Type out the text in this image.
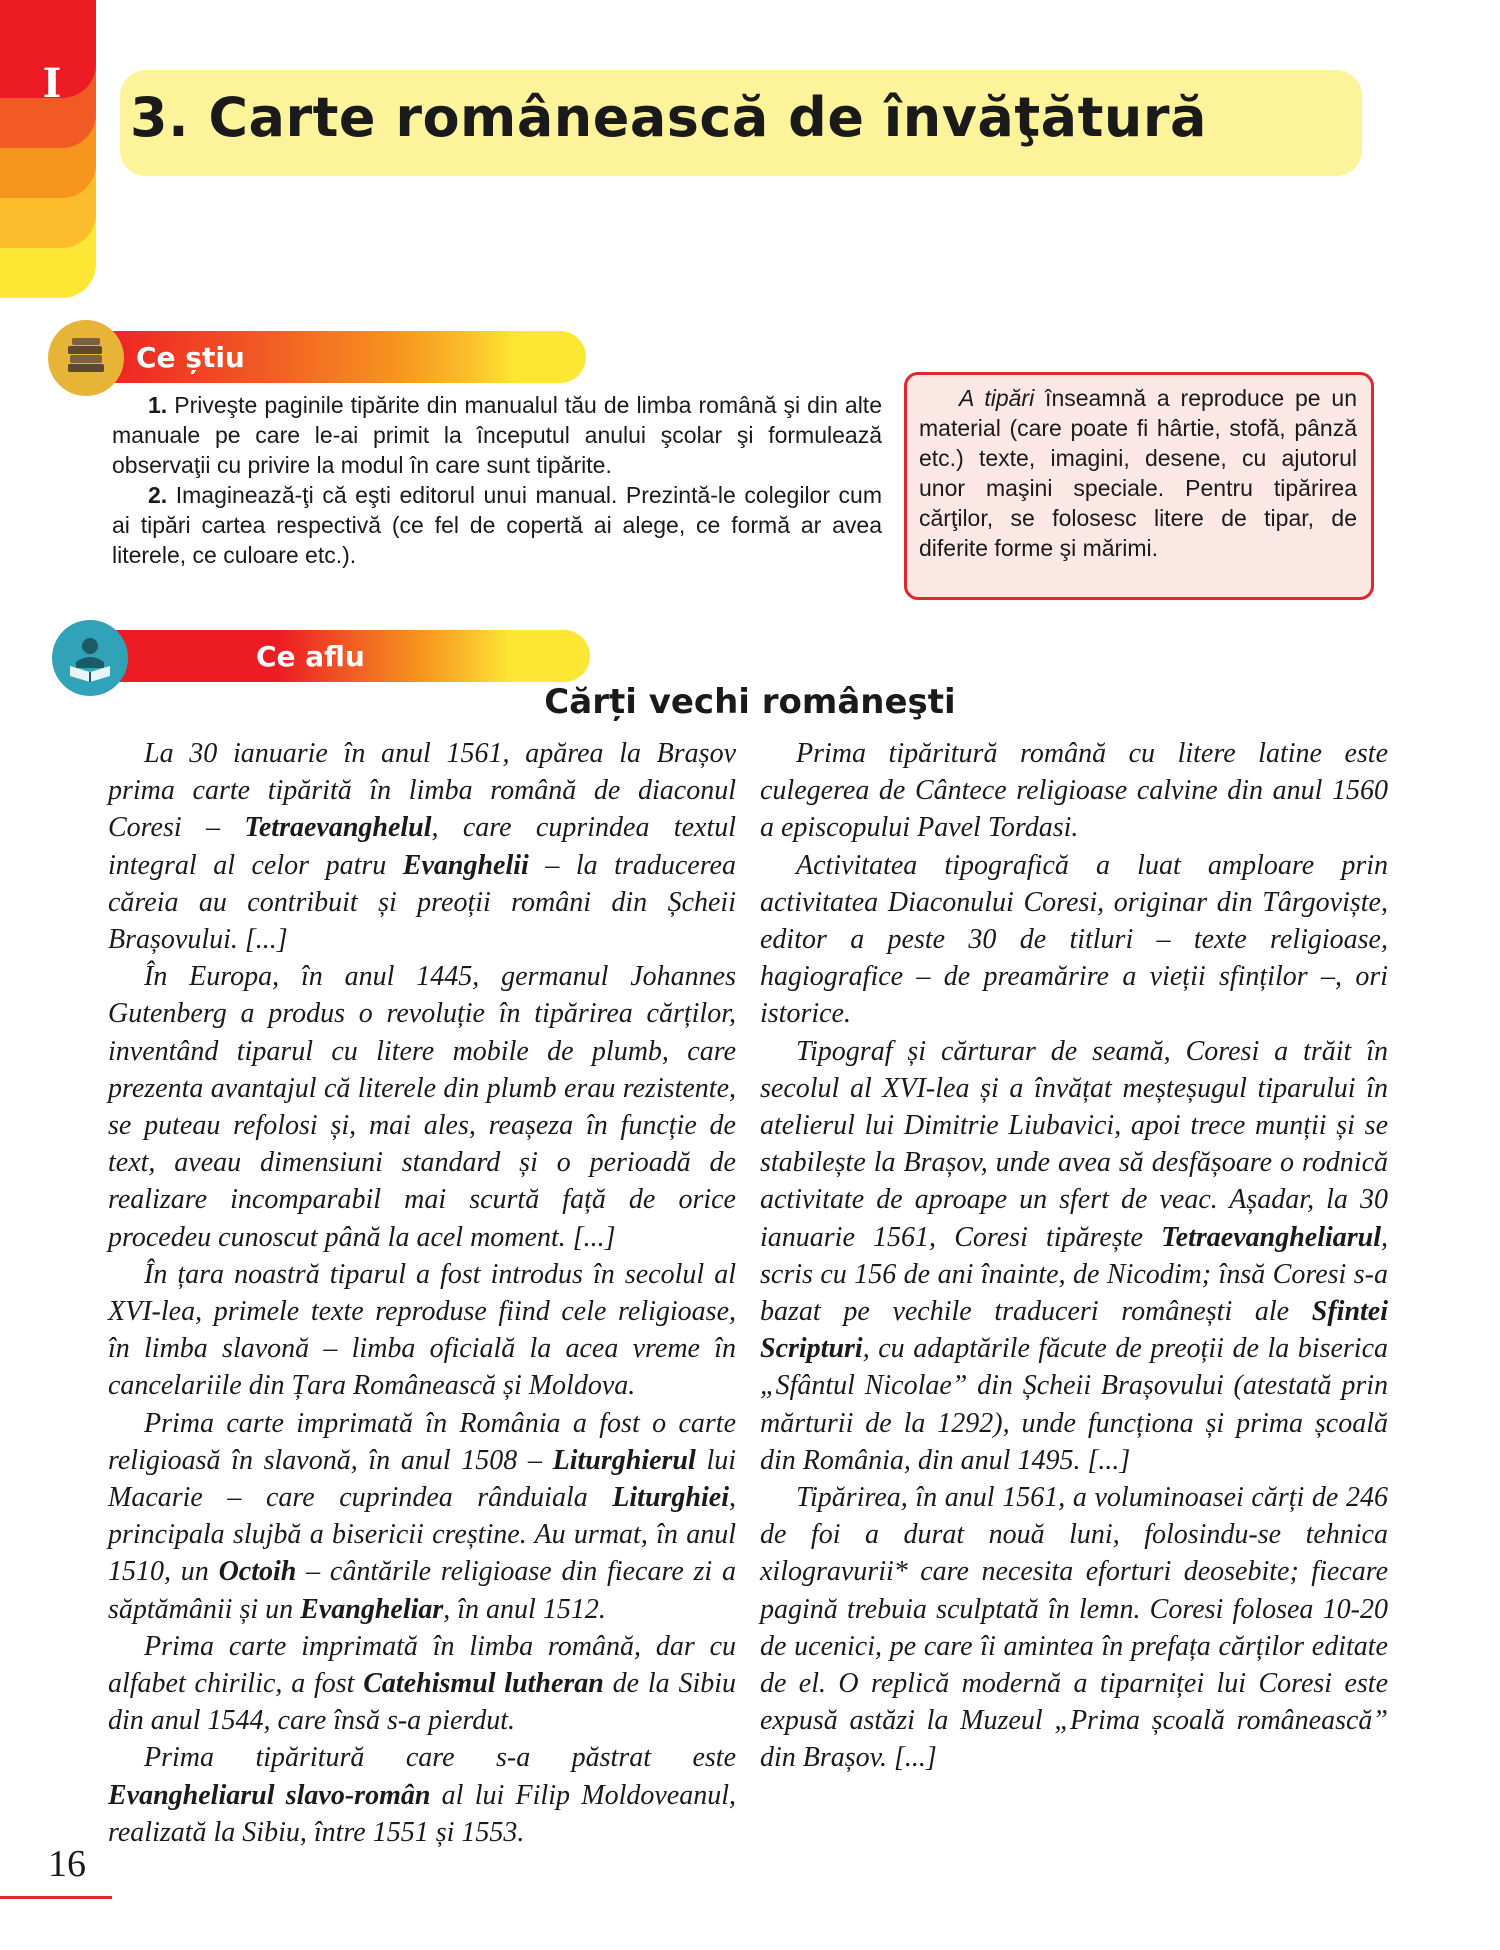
I
3. Carte românească de învăţătură
Ce știu

1. Priveşte paginile tipărite din manualul tău de limba română şi din alte manuale pe care le-ai primit la începutul anului şcolar şi formulează observaţii cu privire la modul în care sunt tipărite.

2. Imaginează-ţi că eşti editorul unui manual. Prezintă-le colegilor cum ai tipări cartea respectivă (ce fel de copertă ai alege, ce formă ar avea literele, ce culoare etc.).

A tipări înseamnă a reproduce pe un material (care poate fi hârtie, stofă, pânză etc.) texte, imagini, desene, cu ajutorul unor maşini speciale. Pentru tipărirea cărţilor, se folosesc litere de tipar, de diferite forme şi mărimi.
Ce aflu
Cărți vechi româneşti

La 30 ianuarie în anul 1561, apărea la Brașov prima carte tipărită în limba română de diaconul Coresi – Tetraevanghelul, care cuprindea textul integral al celor patru Evanghelii – la traducerea căreia au contribuit și preoții români din Șcheii Brașovului. [...]

În Europa, în anul 1445, germanul Johannes Gutenberg a produs o revoluție în tipărirea cărților, inventând tiparul cu litere mobile de plumb, care prezenta avantajul că literele din plumb erau rezistente, se puteau refolosi și, mai ales, reașeza în funcție de text, aveau dimensiuni standard și o perioadă de realizare incomparabil mai scurtă față de orice procedeu cunoscut până la acel moment. [...]

În țara noastră tiparul a fost introdus în secolul al XVI-lea, primele texte reproduse fiind cele religioase, în limba slavonă – limba oficială la acea vreme în cancelariile din Țara Românească și Moldova.

Prima carte imprimată în România a fost o carte religioasă în slavonă, în anul 1508 – Liturghierul lui Macarie – care cuprindea rânduiala Liturghiei, principala slujbă a bisericii creștine. Au urmat, în anul 1510, un Octoih – cântările religioase din fiecare zi a săptămânii și un Evangheliar, în anul 1512.

Prima carte imprimată în limba română, dar cu alfabet chirilic, a fost Catehismul lutheran de la Sibiu din anul 1544, care însă s-a pierdut.

Prima tipăritură care s-a păstrat este Evangheliarul slavo-român al lui Filip Moldoveanul, realizată la Sibiu, între 1551 și 1553.

Prima tipăritură română cu litere latine este culegerea de Cântece religioase calvine din anul 1560 a episcopului Pavel Tordasi.

Activitatea tipografică a luat amploare prin activitatea Diaconului Coresi, originar din Târgoviște, editor a peste 30 de titluri – texte religioase, hagiografice – de preamărire a vieții sfinților –, ori istorice.

Tipograf și cărturar de seamă, Coresi a trăit în secolul al XVI-lea și a învățat meșteșugul tiparului în atelierul lui Dimitrie Liubavici, apoi trece munții și se stabilește la Brașov, unde avea să desfășoare o rodnică activitate de aproape un sfert de veac. Așadar, la 30 ianuarie 1561, Coresi tipărește Tetraevangheliarul, scris cu 156 de ani înainte, de Nicodim; însă Coresi s-a bazat pe vechile traduceri românești ale Sfintei Scripturi, cu adaptările făcute de preoții de la biserica „Sfântul Nicolae” din Șcheii Brașovului (atestată prin mărturii de la 1292), unde funcționa și prima școală din România, din anul 1495. [...]

Tipărirea, în anul 1561, a voluminoasei cărți de 246 de foi a durat nouă luni, folosindu-se tehnica xilogravurii* care necesita eforturi deosebite; fiecare pagină trebuia sculptată în lemn. Coresi folosea 10-20 de ucenici, pe care îi amintea în prefața cărților editate de el. O replică modernă a tiparniței lui Coresi este expusă astăzi la Muzeul „Prima școală românească” din Brașov. [...]

16
